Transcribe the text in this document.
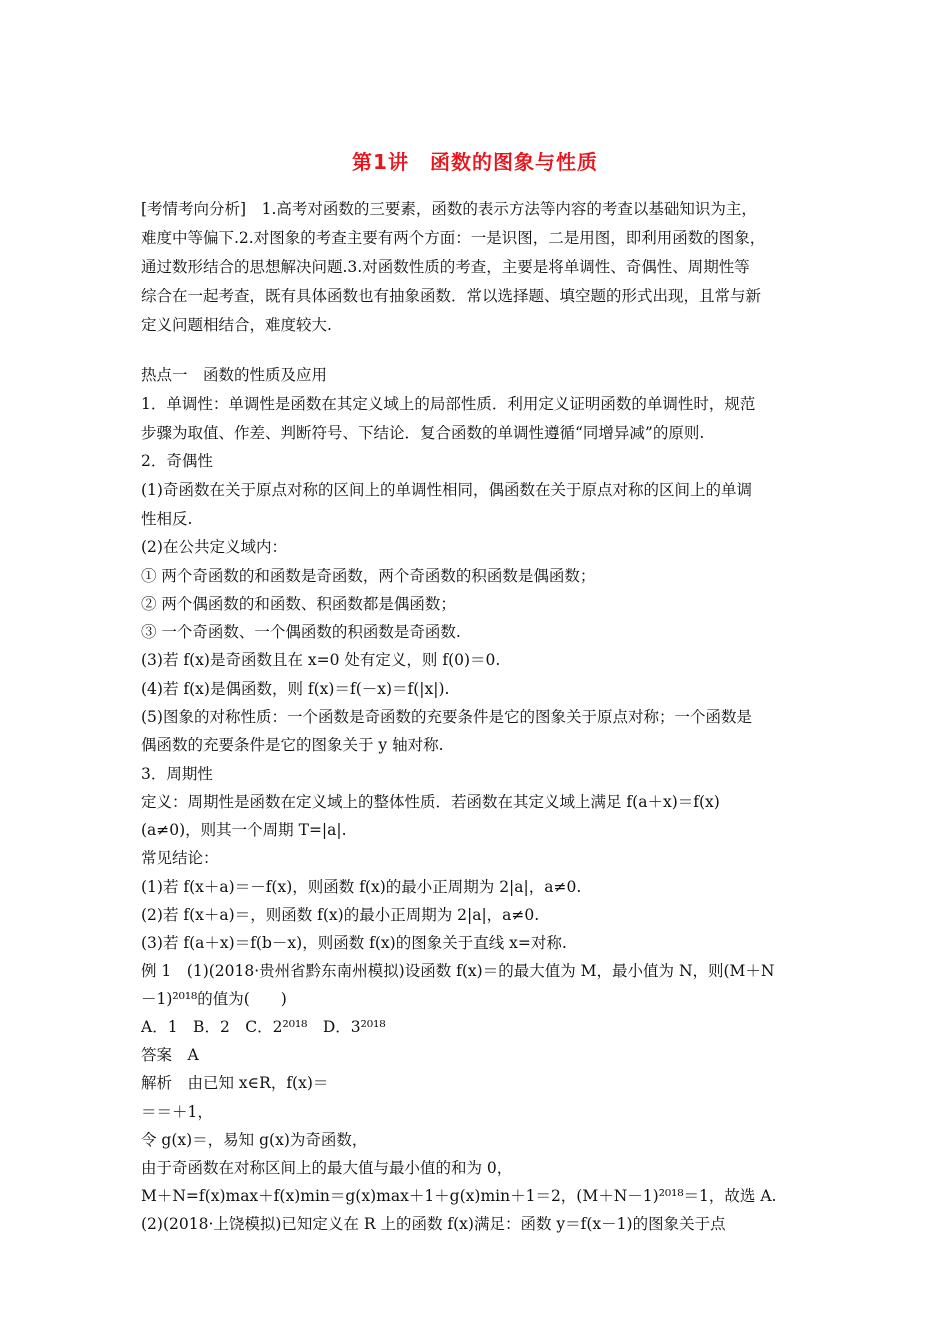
第1讲　函数的图象与性质
[考情考向分析]　1.高考对函数的三要素，函数的表示方法等内容的考查以基础知识为主，
难度中等偏下.2.对图象的考查主要有两个方面：一是识图，二是用图，即利用函数的图象，
通过数形结合的思想解决问题.3.对函数性质的考查，主要是将单调性、奇偶性、周期性等
综合在一起考查，既有具体函数也有抽象函数．常以选择题、填空题的形式出现，且常与新
定义问题相结合，难度较大.
热点一　函数的性质及应用
1．单调性：单调性是函数在其定义域上的局部性质．利用定义证明函数的单调性时，规范
步骤为取值、作差、判断符号、下结论．复合函数的单调性遵循“同增异减”的原则.
2．奇偶性
(1)奇函数在关于原点对称的区间上的单调性相同，偶函数在关于原点对称的区间上的单调
性相反.
(2)在公共定义域内：
① 两个奇函数的和函数是奇函数，两个奇函数的积函数是偶函数；
② 两个偶函数的和函数、积函数都是偶函数；
③ 一个奇函数、一个偶函数的积函数是奇函数.
(3)若 f(x)是奇函数且在 x=0 处有定义，则 f(0)＝0.
(4)若 f(x)是偶函数，则 f(x)＝f(－x)＝f(|x|).
(5)图象的对称性质：一个函数是奇函数的充要条件是它的图象关于原点对称；一个函数是
偶函数的充要条件是它的图象关于 y 轴对称.
3．周期性
定义：周期性是函数在定义域上的整体性质．若函数在其定义域上满足 f(a＋x)＝f(x)
(a≠0)，则其一个周期 T=|a|.
常见结论：
(1)若 f(x＋a)＝－f(x)，则函数 f(x)的最小正周期为 2|a|，a≠0.
(2)若 f(x＋a)＝，则函数 f(x)的最小正周期为 2|a|，a≠0.
(3)若 f(a＋x)＝f(b－x)，则函数 f(x)的图象关于直线 x=对称.
例 1　(1)(2018·贵州省黔东南州模拟)设函数 f(x)＝的最大值为 M，最小值为 N，则(M＋N
－1)²⁰¹⁸的值为(　　)
A．1　B．2　C．2²⁰¹⁸　D．3²⁰¹⁸
答案　A
解析　由已知 x∈R，f(x)＝
＝＝＋1，
令 g(x)＝，易知 g(x)为奇函数，
由于奇函数在对称区间上的最大值与最小值的和为 0，
M＋N=f(x)max＋f(x)min＝g(x)max＋1＋g(x)min＋1＝2，(M＋N－1)²⁰¹⁸＝1，故选 A.
(2)(2018·上饶模拟)已知定义在 R 上的函数 f(x)满足：函数 y＝f(x－1)的图象关于点
